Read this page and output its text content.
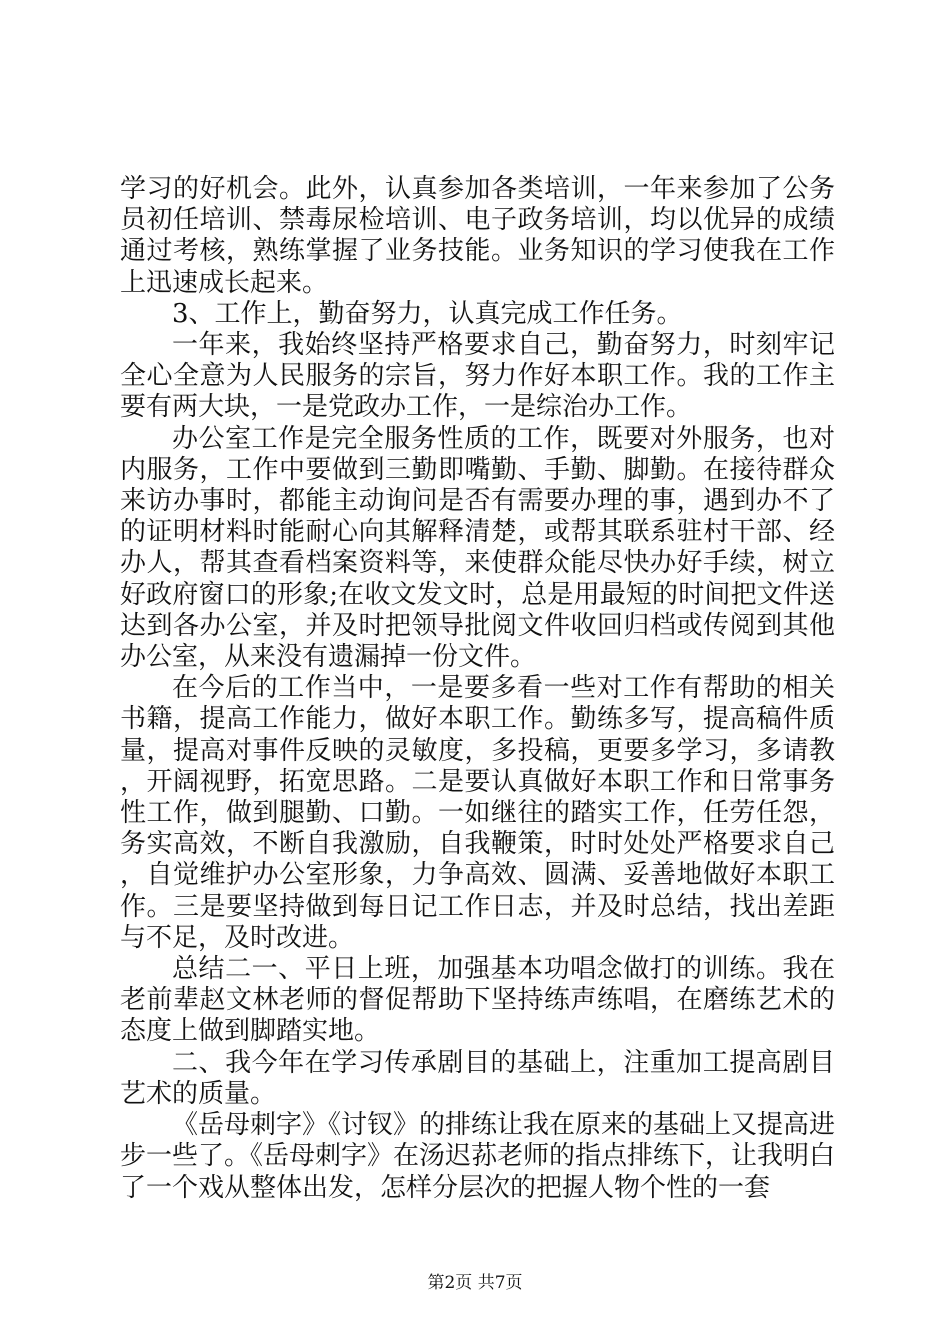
学习的好机会。此外，认真参加各类培训，一年来参加了公务员初任培训、禁毒尿检培训、电子政务培训，均以优异的成绩通过考核，熟练掌握了业务技能。业务知识的学习使我在工作上迅速成长起来。

3、工作上，勤奋努力，认真完成工作任务。

一年来，我始终坚持严格要求自己，勤奋努力，时刻牢记全心全意为人民服务的宗旨，努力作好本职工作。我的工作主要有两大块，一是党政办工作，一是综治办工作。

办公室工作是完全服务性质的工作，既要对外服务，也对内服务，工作中要做到三勤即嘴勤、手勤、脚勤。在接待群众来访办事时，都能主动询问是否有需要办理的事，遇到办不了的证明材料时能耐心向其解释清楚，或帮其联系驻村干部、经办人，帮其查看档案资料等，来使群众能尽快办好手续，树立好政府窗口的形象;在收文发文时，总是用最短的时间把文件送达到各办公室，并及时把领导批阅文件收回归档或传阅到其他办公室，从来没有遗漏掉一份文件。

在今后的工作当中，一是要多看一些对工作有帮助的相关书籍，提高工作能力，做好本职工作。勤练多写，提高稿件质量，提高对事件反映的灵敏度，多投稿，更要多学习，多请教，开阔视野，拓宽思路。二是要认真做好本职工作和日常事务性工作，做到腿勤、口勤。一如继往的踏实工作，任劳任怨，务实高效，不断自我激励，自我鞭策，时时处处严格要求自己，自觉维护办公室形象，力争高效、圆满、妥善地做好本职工作。三是要坚持做到每日记工作日志，并及时总结，找出差距与不足，及时改进。

总结二一、平日上班，加强基本功唱念做打的训练。我在老前辈赵文林老师的督促帮助下坚持练声练唱，在磨练艺术的态度上做到脚踏实地。

二、我今年在学习传承剧目的基础上，注重加工提高剧目艺术的质量。

《岳母刺字》《讨钗》的排练让我在原来的基础上又提高进步一些了。《岳母刺字》在汤迟荪老师的指点排练下，让我明白了一个戏从整体出发，怎样分层次的把握人物个性的一套

第2页 共7页
